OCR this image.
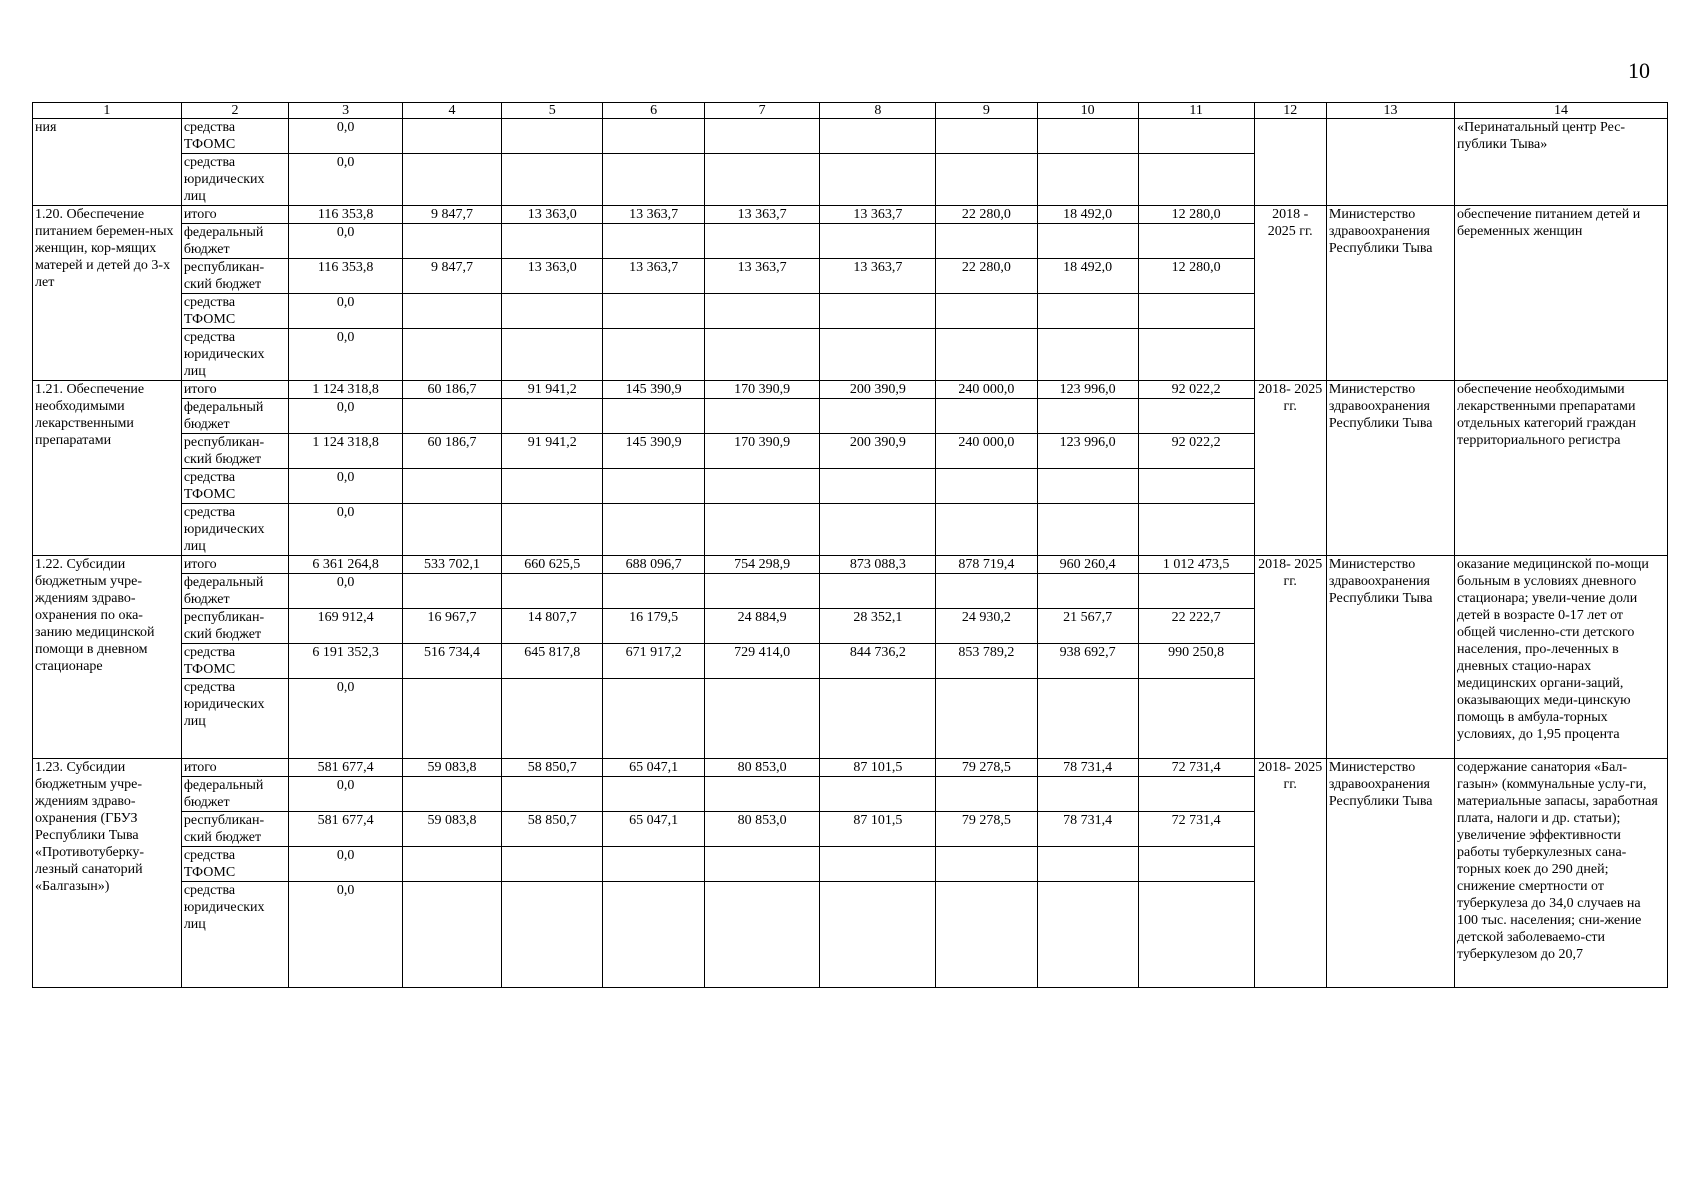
10
1	2	3	4	5	6	7	8	9	10	11	12	13	14
ния	средства ТФОМС	0,0											«Перинатальный центр Рес-публики Тыва»
	средства юридических лиц	0,0											
1.20. Обеспечение питанием беремен-ных женщин, кор-мящих матерей и детей до 3-х лет	итого	116 353,8	9 847,7	13 363,0	13 363,7	13 363,7	13 363,7	22 280,0	18 492,0	12 280,0	2018 - 2025 гг.	Министерство здравоохранения Республики Тыва	обеспечение питанием детей и беременных женщин
	федеральный бюджет	0,0											
	республикан-ский бюджет	116 353,8	9 847,7	13 363,0	13 363,7	13 363,7	13 363,7	22 280,0	18 492,0	12 280,0			
	средства ТФОМС	0,0											
	средства юридических лиц	0,0											
1.21. Обеспечение необходимыми лекарственными препаратами	итого	1 124 318,8	60 186,7	91 941,2	145 390,9	170 390,9	200 390,9	240 000,0	123 996,0	92 022,2	2018- 2025 гг.	Министерство здравоохранения Республики Тыва	обеспечение необходимыми лекарственными препаратами отдельных категорий граждан территориального регистра
	федеральный бюджет	0,0											
	республикан-ский бюджет	1 124 318,8	60 186,7	91 941,2	145 390,9	170 390,9	200 390,9	240 000,0	123 996,0	92 022,2			
	средства ТФОМС	0,0											
	средства юридических лиц	0,0											
1.22. Субсидии бюджетным учре-ждениям здраво-охранения по ока-занию медицинской помощи в дневном стационаре	итого	6 361 264,8	533 702,1	660 625,5	688 096,7	754 298,9	873 088,3	878 719,4	960 260,4	1 012 473,5	2018- 2025 гг.	Министерство здравоохранения Республики Тыва	оказание медицинской по-мощи больным в условиях дневного стационара; увели-чение доли детей в возрасте 0-17 лет от общей численно-сти детского населения, про-леченных в дневных стацио-нарах медицинских органи-заций, оказывающих меди-цинскую помощь в амбула-торных условиях, до 1,95 процента
	федеральный бюджет	0,0											
	республикан-ский бюджет	169 912,4	16 967,7	14 807,7	16 179,5	24 884,9	28 352,1	24 930,2	21 567,7	22 222,7			
	средства ТФОМС	6 191 352,3	516 734,4	645 817,8	671 917,2	729 414,0	844 736,2	853 789,2	938 692,7	990 250,8			
	средства юридических лиц	0,0											
1.23. Субсидии бюджетным учре-ждениям здраво-охранения (ГБУЗ Республики Тыва «Противотуберку-лезный санаторий «Балгазын»)	итого	581 677,4	59 083,8	58 850,7	65 047,1	80 853,0	87 101,5	79 278,5	78 731,4	72 731,4	2018- 2025 гг.	Министерство здравоохранения Республики Тыва	содержание санатория «Бал-газын» (коммунальные услу-ги, материальные запасы, заработная плата, налоги и др. статьи); увеличение эффективности работы туберкулезных сана-торных коек до 290 дней; снижение смертности от туберкулеза до 34,0 случаев на 100 тыс. населения; сни-жение детской заболеваемо-сти туберкулезом до 20,7
	федеральный бюджет	0,0											
	республикан-ский бюджет	581 677,4	59 083,8	58 850,7	65 047,1	80 853,0	87 101,5	79 278,5	78 731,4	72 731,4			
	средства ТФОМС	0,0											
	средства юридических лиц	0,0											
